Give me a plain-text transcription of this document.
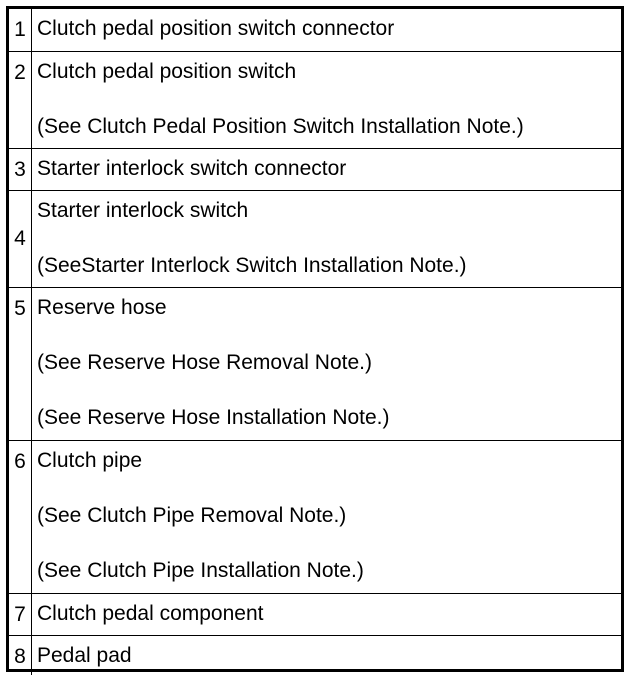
1	Clutch pedal position switch connector

2	Clutch pedal position switch
(See Clutch Pedal Position Switch Installation Note.)

3	Starter interlock switch connector

4	Starter interlock switch
(SeeStarter Interlock Switch Installation Note.)

5	Reserve hose
(See Reserve Hose Removal Note.)
(See Reserve Hose Installation Note.)

6	Clutch pipe
(See Clutch Pipe Removal Note.)
(See Clutch Pipe Installation Note.)

7	Clutch pedal component

8	Pedal pad
